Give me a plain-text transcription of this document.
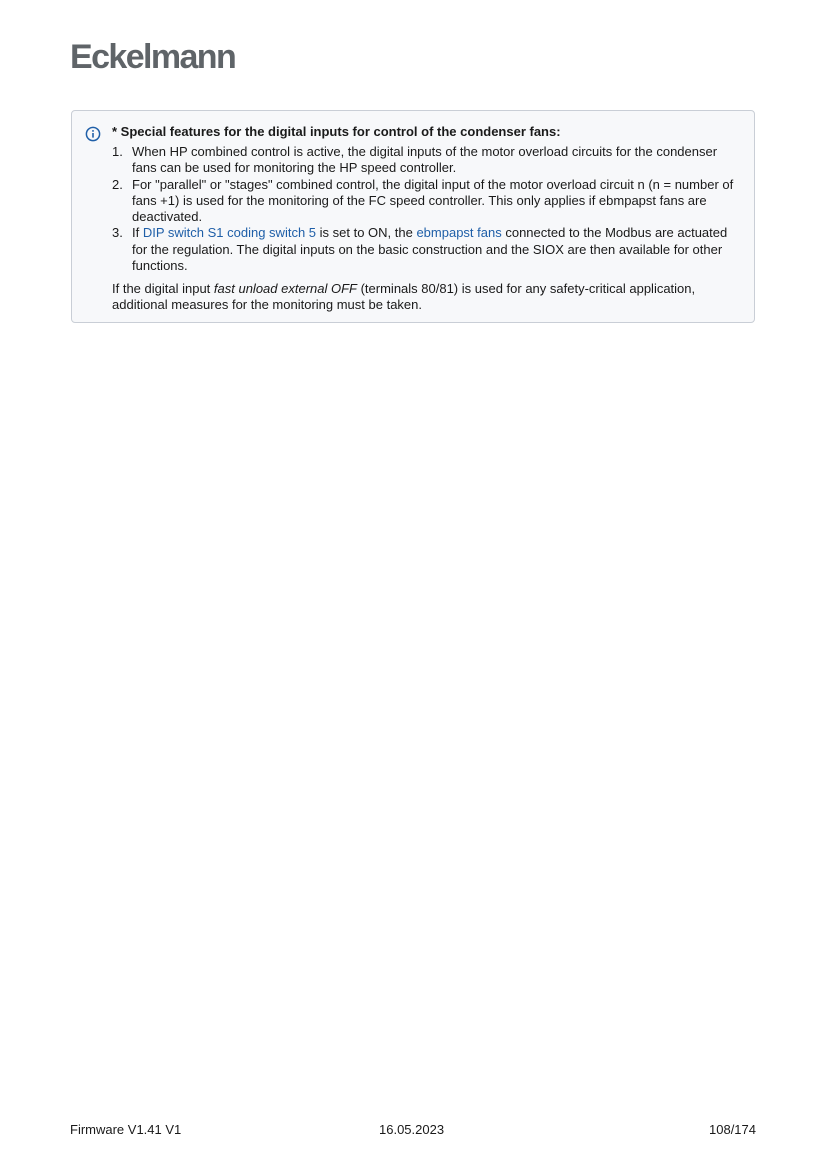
Eckelmann
* Special features for the digital inputs for control of the condenser fans:
1. When HP combined control is active, the digital inputs of the motor overload circuits for the condenser fans can be used for monitoring the HP speed controller.
2. For "parallel" or "stages" combined control, the digital input of the motor overload circuit n (n = number of fans +1) is used for the monitoring of the FC speed controller. This only applies if ebmpapst fans are deactivated.
3. If DIP switch S1 coding switch 5 is set to ON, the ebmpapst fans connected to the Modbus are actuated for the regulation. The digital inputs on the basic construction and the SIOX are then available for other functions.
If the digital input fast unload external OFF (terminals 80/81) is used for any safety-critical application, additional measures for the monitoring must be taken.
Firmware V1.41 V1	16.05.2023	108/174
